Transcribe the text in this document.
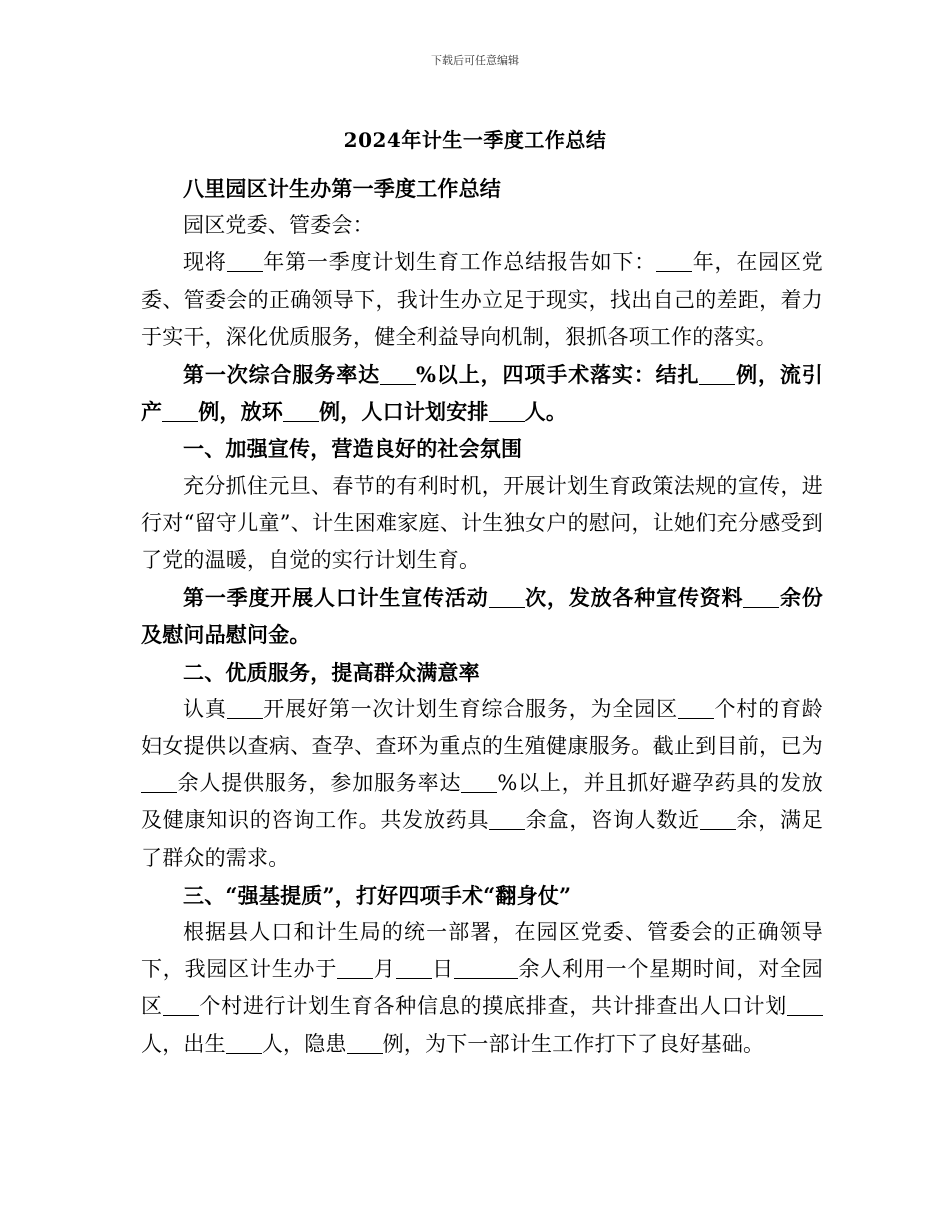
下载后可任意编辑
2024年计生一季度工作总结

八里园区计生办第一季度工作总结

园区党委、管委会：

现将 年第一季度计划生育工作总结报告如下： 年，在园区党委、管委会的正确领导下，我计生办立足于现实，找出自己的差距，着力于实干，深化优质服务，健全利益导向机制，狠抓各项工作的落实。

第一次综合服务率达 %以上，四项手术落实：结扎 例，流引产 例，放环 例，人口计划安排 人。

一、加强宣传，营造良好的社会氛围

充分抓住元旦、春节的有利时机，开展计划生育政策法规的宣传，进行对“留守儿童”、计生困难家庭、计生独女户的慰问，让她们充分感受到了党的温暖，自觉的实行计划生育。

第一季度开展人口计生宣传活动 次，发放各种宣传资料 余份及慰问品慰问金。

二、优质服务，提高群众满意率

认真 开展好第一次计划生育综合服务，为全园区 个村的育龄妇女提供以查病、查孕、查环为重点的生殖健康服务。截止到目前，已为余人提供服务，参加服务率达 %以上，并且抓好避孕药具的发放及健康知识的咨询工作。共发放药具 余盒，咨询人数近 余，满足了群众的需求。

三、“强基提质”，打好四项手术“翻身仗”

根据县人口和计生局的统一部署，在园区党委、管委会的正确领导下，我园区计生办于 月 日	余人利用一个星期时间，对全园区 个村进行计划生育各种信息的摸底排查，共计排查出人口计划人，出生 人，隐患 例，为下一部计生工作打下了良好基础。
